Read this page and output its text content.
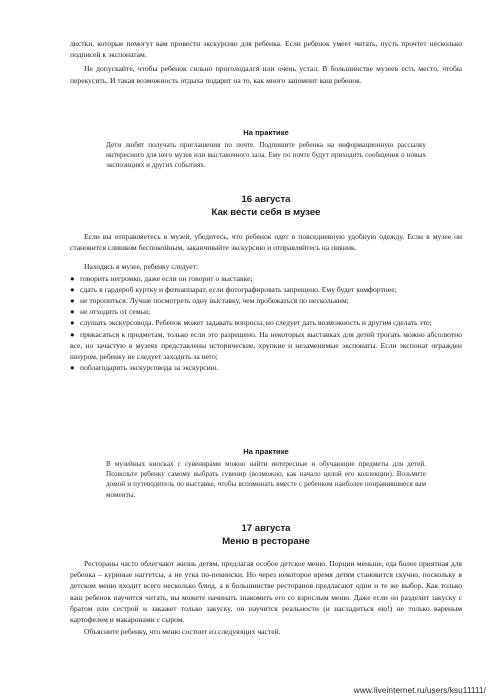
листки, которые помогут вам провести экскурсию для ребенка. Если ребенок умеет читать, пусть прочтет несколько подписей к экспонатам.

Не допускайте, чтобы ребенок сильно проголодался или очень устал. В большинстве музеев есть место, чтобы перекусить. И такая возможность отдыха подарит на то, как много запомнит ваш ребенок.

На практике

Дети любят получать приглашения по почте. Подпишите ребенка на информационную рассылку интересного для него музея или выставочного зала. Ему по почте будут приходить сообщения о новых экспозициях и других событиях.

16 августа

Как вести себя в музее

Если вы отправляетесь в музей, убедитесь, что ребенок одет в повседневную удобную одежду. Если в музее он становится слишком беспокойным, заканчивайте экскурсию и отправляйтесь на пикник.

Находясь в музее, ребенку следует:

● говорить негромко, даже если он говорит о выставке;

● сдать в гардероб куртку и фотоаппарат, если фотографировать запрещено. Ему будет комфортнее;

● не торопиться. Лучше посмотреть одну выставку, чем пробежаться по нескольким;

● не отходить от семьи;

● слушать экскурсовода. Ребенок может задавать вопросы, но следует дать возможность и другим сделать это;

● прикасаться к предметам, только если это разрешено. На некоторых выставках для детей трогать можно абсолютно все, но зачастую в музеях представлены исторические, хрупкие и незаменимые экспонаты. Если экспонат огражден шнуром, ребенку не следует заходить за него;

● поблагодарить экскурсовода за экскурсию.

На практике

В музейных киосках с сувенирами можно найти интересные и обучающие предметы для детей. Позвольте ребенку самому выбрать сувенир (возможно, как начало целой его коллекции). Возьмите домой и путеводитель по выставке, чтобы вспоминать вместе с ребенком наиболее понравившиеся вам моменты.

17 августа

Меню в ресторане

Рестораны часто облегчают жизнь детям, предлагая особое детское меню. Порции меньше, еда более приятная для ребенка – куриные наггетсы, а не утка по-пекински. Но через некоторое время детям становится скучно, поскольку в детском меню входит всего несколько блюд, а в большинстве ресторанов предлагают одни и те же выбор. Как только ваш ребенок научится читать, вы можете начинать знакомить его со взрослым меню. Даже если он разделит закуску с братом или сестрой и закажет только закуску, он научится реальности (и насладиться ею!) не только вареным картофелем и макаронами с сыром.

Объясните ребенку, что меню состоит из следующих частей.

www.liveinternet.ru/users/ksu11111/
